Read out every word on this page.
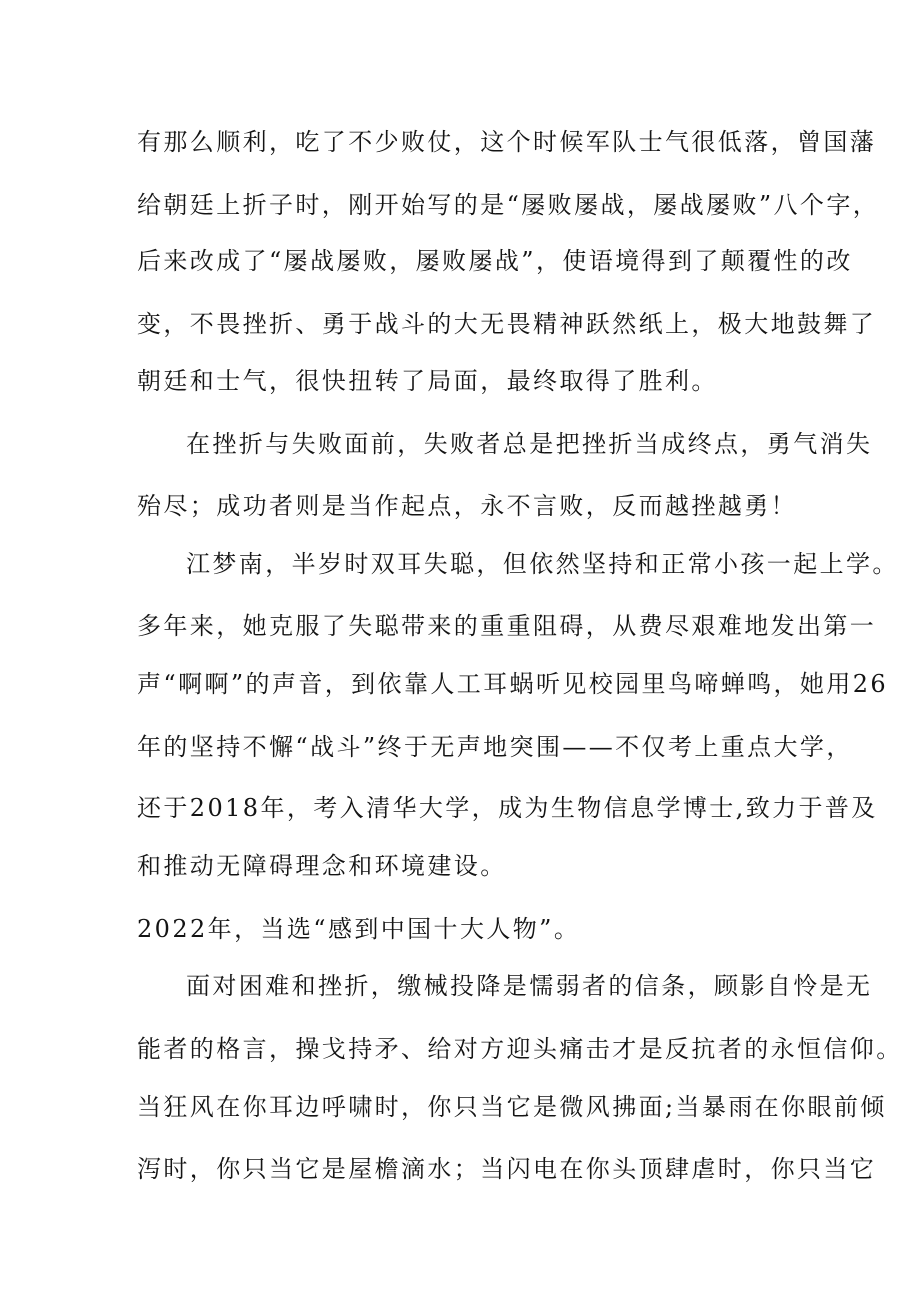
有那么顺利，吃了不少败仗，这个时候军队士气很低落，曾国藩
给朝廷上折子时，刚开始写的是“屡败屡战，屡战屡败”八个字，
后来改成了“屡战屡败，屡败屡战”，使语境得到了颠覆性的改
变，不畏挫折、勇于战斗的大无畏精神跃然纸上，极大地鼓舞了
朝廷和士气，很快扭转了局面，最终取得了胜利。
在挫折与失败面前，失败者总是把挫折当成终点，勇气消失
殆尽；成功者则是当作起点，永不言败，反而越挫越勇！
江梦南，半岁时双耳失聪，但依然坚持和正常小孩一起上学。
多年来，她克服了失聪带来的重重阻碍，从费尽艰难地发出第一
声“啊啊”的声音，到依靠人工耳蜗听见校园里鸟啼蝉鸣，她用26
年的坚持不懈“战斗”终于无声地突围——不仅考上重点大学，
还于2018年，考入清华大学，成为生物信息学博士,致力于普及
和推动无障碍理念和环境建设。
2022年，当选“感到中国十大人物”。
面对困难和挫折，缴械投降是懦弱者的信条，顾影自怜是无
能者的格言，操戈持矛、给对方迎头痛击才是反抗者的永恒信仰。
当狂风在你耳边呼啸时，你只当它是微风拂面;当暴雨在你眼前倾
泻时，你只当它是屋檐滴水；当闪电在你头顶肆虐时，你只当它
